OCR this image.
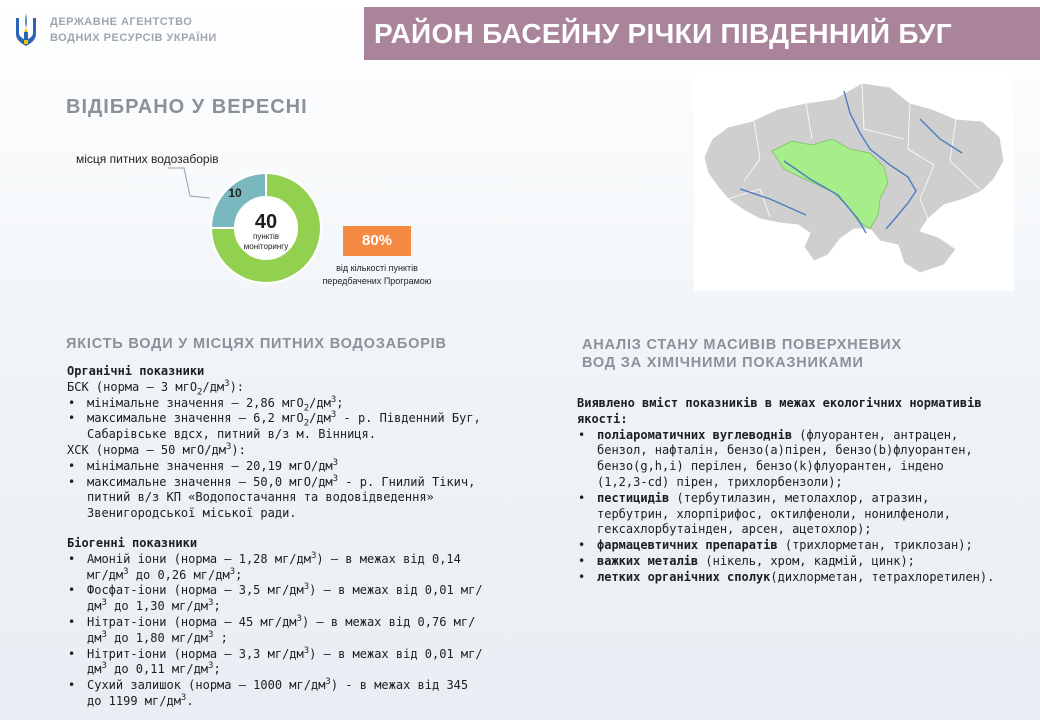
ДЕРЖАВНЕ АГЕНТСТВО
ВОДНИХ РЕСУРСІВ УКРАЇНИ	РАЙОН БАСЕЙНУ РІЧКИ ПІВДЕННИЙ БУГ
ВІДІБРАНО У ВЕРЕСНІ
місця питних водозаборів
10
40
пунктів
моніторингу	80%
від кількості пунктів
передбачених Програмою
ЯКІСТЬ ВОДИ У МІСЦЯХ ПИТНИХ ВОДОЗАБОРІВ
Органічні показники
БСК (норма – 3 $мгО_2/дм^3$):
• мінімальне значення – 2,86 $мгО_2/дм^3$;
• максимальне значення – 6,2 $мгО_2/дм^3$ - р. Південний Буг, Сабарівське вдсх, питний в/з м. Вінниця.
ХСК (норма – 50 мгО/$дм^3$):
• мінімальне значення – 20,19 мгО/$дм^3$
• максимальне значення – 50,0 мгО/$дм^3$ - р. Гнилий Тікич, питний в/з КП «Водопостачання та водовідведення» Звенигородської міської ради.
Біогенні показники
• Амоній іони (норма – 1,28 $мг/дм^3$) – в межах від 0,14 $мг/дм^3$ до 0,26 $мг/дм^3$;
• Фосфат-іони (норма – 3,5 $мг/дм^3$) – в межах від 0,01 $мг/дм^3$ до 1,30 $мг/дм^3$;
• Нітрат-іони (норма – 45 $мг/дм^3$) – в межах від 0,76 $мг/дм^3$ до 1,80 $мг/дм^3$ ;
• Нітрит-іони (норма – 3,3 $мг/дм^3$) – в межах від 0,01 $мг/дм^3$ до 0,11 $мг/дм^3$;
• Сухий залишок (норма – 1000 $мг/дм^3$) - в межах від 345 до 1199 $мг/дм^3$.
АНАЛІЗ СТАНУ МАСИВІВ ПОВЕРХНЕВИХ
ВОД ЗА ХІМІЧНИМИ ПОКАЗНИКАМИ
Виявлено вміст показників в межах екологічних нормативів якості:
• поліароматичних вуглеводнів (флуорантен, антрацен, бензол, нафталін, бензо(а)пірен, бензо(b)флуорантен, бензо(g,h,i) перілен, бензо(k)флуорантен, індено (1,2,3-cd) пірен, трихлорбензоли);
• пестицидів (тербутилазин, метолахлор, атразин, тербутрин, хлорпірифос, октилфеноли, нонилфеноли, гексахлорбутаінден, арсен, ацетохлор);
• фармацевтичних препаратів (трихлорметан, триклозан);
• важких металів (нікель, хром, кадмій, цинк);
• летких органічних сполук(дихлорметан, тетрахлоретилен).
